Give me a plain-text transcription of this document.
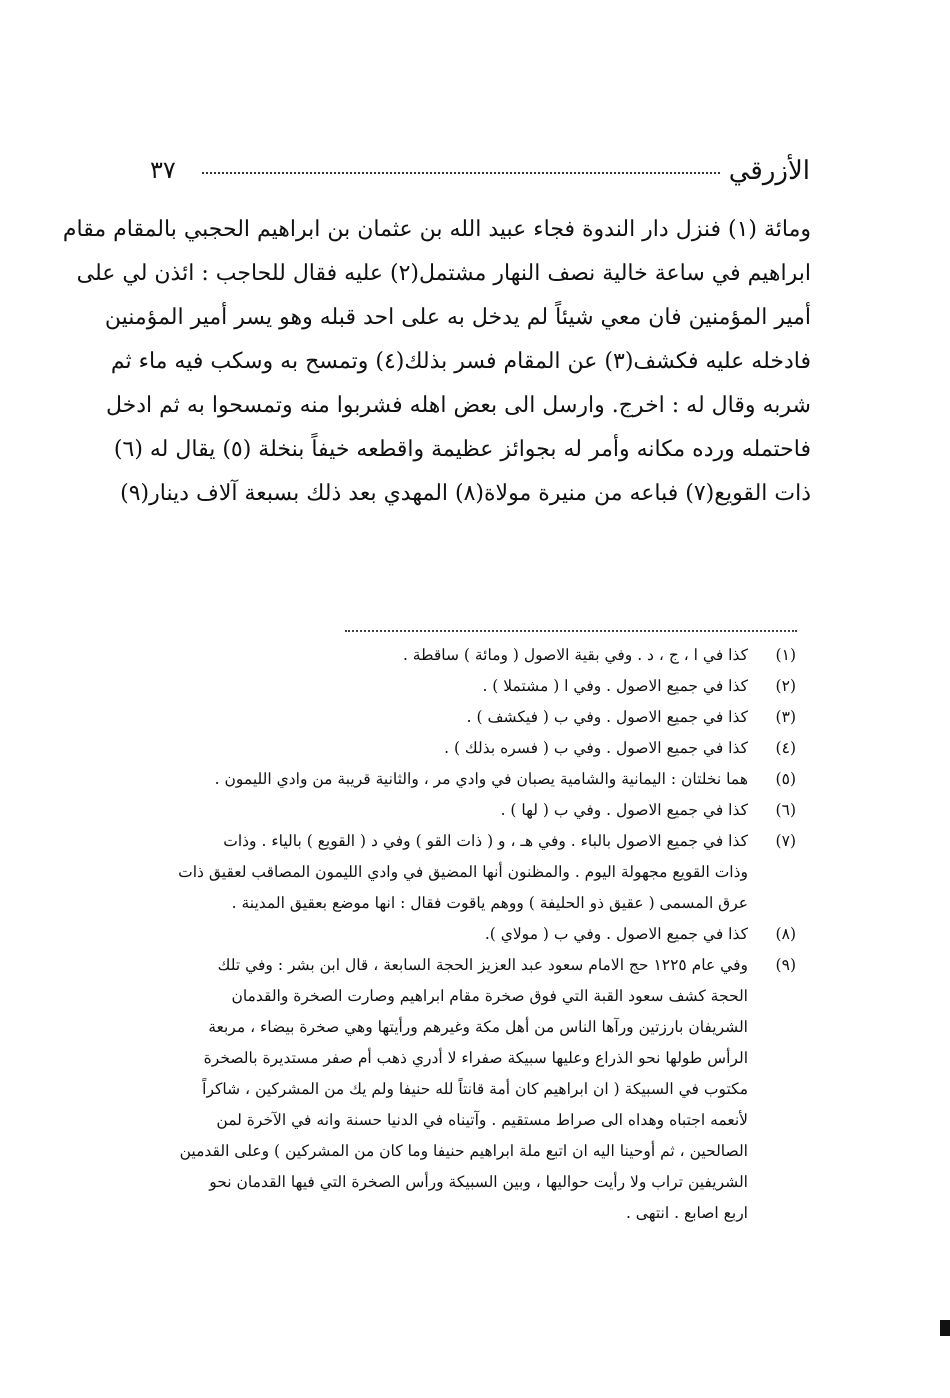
٣٧	الأزرقي
ومائة (١) فنزل دار الندوة فجاء عبيد الله بن عثمان بن ابراهيم الحجبي بالمقام مقام
ابراهيم في ساعة خالية نصف النهار مشتمل(٢) عليه فقال للحاجب : ائذن لي على
أمير المؤمنين فان معي شيئاً لم يدخل به على احد قبله وهو يسر أمير المؤمنين
فادخله عليه فكشف(٣) عن المقام فسر بذلك(٤) وتمسح به وسكب فيه ماء ثم
شربه وقال له : اخرج. وارسل الى بعض اهله فشربوا منه وتمسحوا به ثم ادخل
فاحتمله ورده مكانه وأمر له بجوائز عظيمة واقطعه خيفاً بنخلة (٥) يقال له (٦)
ذات القويع(٧) فباعه من منيرة مولاة(٨) المهدي بعد ذلك بسبعة آلاف دينار(٩)
(١)
كذا في ا ، ج ، د . وفي بقية الاصول ( ومائة ) ساقطة .
(٢)
كذا في جميع الاصول . وفي ا ( مشتملا ) .
(٣)
كذا في جميع الاصول . وفي ب ( فيكشف ) .
(٤)
كذا في جميع الاصول . وفي ب ( فسره بذلك ) .
(٥)
هما نخلتان : اليمانية والشامية يصبان في وادي مر ، والثانية قريبة من وادي الليمون .
(٦)
كذا في جميع الاصول . وفي ب ( لها ) .
(٧)
كذا في جميع الاصول بالباء . وفي هـ ، و ( ذات القو ) وفي د ( القويع ) بالياء . وذات
وذات القويع مجهولة اليوم . والمظنون أنها المضيق في وادي الليمون المصاقب لعقيق ذات
عرق المسمى ( عقيق ذو الحليفة ) ووهم ياقوت فقال : انها موضع بعقيق المدينة .
(٨)
كذا في جميع الاصول . وفي ب ( مولاي ).
(٩)
وفي عام ١٢٢٥ حج الامام سعود عبد العزيز الحجة السابعة ، قال ابن بشر : وفي تلك
الحجة كشف سعود القبة التي فوق صخرة مقام ابراهيم وصارت الصخرة والقدمان
الشريفان بارزتين ورآها الناس من أهل مكة وغيرهم ورأيتها وهي صخرة بيضاء ، مربعة
الرأس طولها نحو الذراع وعليها سبيكة صفراء لا أدري ذهب أم صفر مستديرة بالصخرة
مكتوب في السبيكة ( ان ابراهيم كان أمة قانتاً لله حنيفا ولم يك من المشركين ، شاكراً
لأنعمه اجتباه وهداه الى صراط مستقيم . وآتيناه في الدنيا حسنة وانه في الآخرة لمن
الصالحين ، ثم أوحينا اليه ان اتبع ملة ابراهيم حنيفا وما كان من المشركين ) وعلى القدمين
الشريفين تراب ولا رأيت حواليها ، وبين السبيكة ورأس الصخرة التي فيها القدمان نحو
اربع اصابع . انتهى .
